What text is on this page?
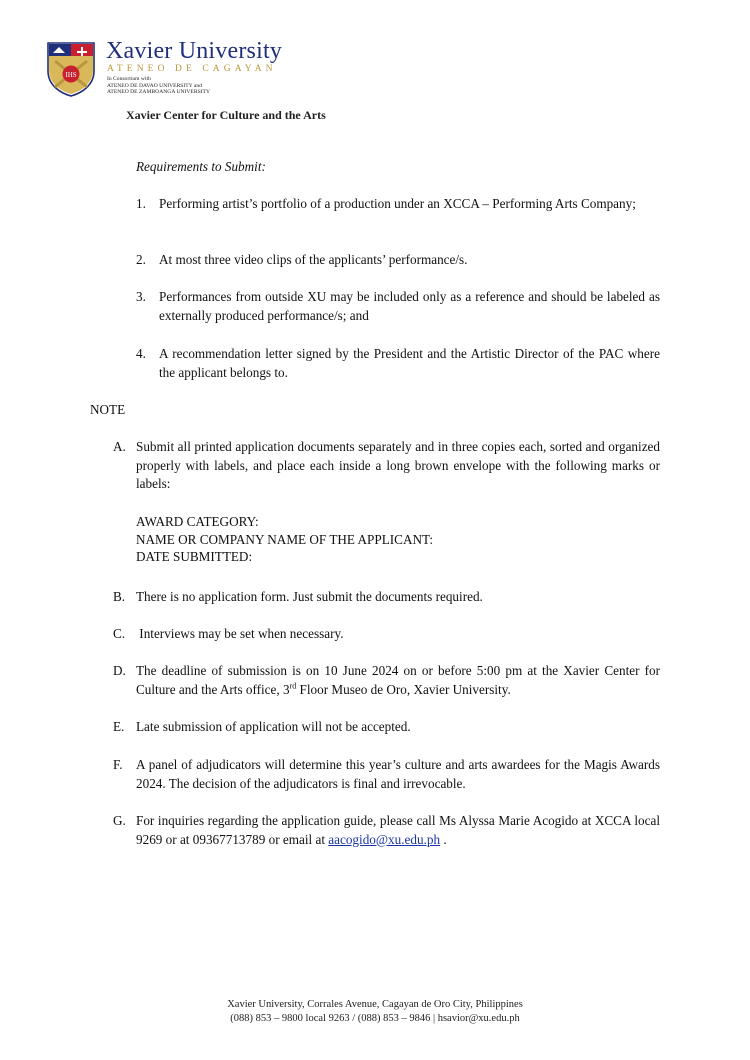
IHS
Xavier University
ATENEO DE CAGAYAN
In Consortium with
ATENEO DE DAVAO UNIVERSITY and
ATENEO DE ZAMBOANGA UNIVERSITY
Xavier Center for Culture and the Arts
Requirements to Submit:
1. Performing artist’s portfolio of a production under an XCCA – Performing Arts Company;
2. At most three video clips of the applicants’ performance/s.
3. Performances from outside XU may be included only as a reference and should be labeled as externally produced performance/s; and
4. A recommendation letter signed by the President and the Artistic Director of the PAC where the applicant belongs to.
NOTE
A. Submit all printed application documents separately and in three copies each, sorted and organized properly with labels, and place each inside a long brown envelope with the following marks or labels:
AWARD CATEGORY:
NAME OR COMPANY NAME OF THE APPLICANT:
DATE SUBMITTED:
B. There is no application form. Just submit the documents required.
C. Interviews may be set when necessary.
D. The deadline of submission is on 10 June 2024 on or before 5:00 pm at the Xavier Center for Culture and the Arts office, 3rd Floor Museo de Oro, Xavier University.
E. Late submission of application will not be accepted.
F. A panel of adjudicators will determine this year’s culture and arts awardees for the Magis Awards 2024. The decision of the adjudicators is final and irrevocable.
G. For inquiries regarding the application guide, please call Ms Alyssa Marie Acogido at XCCA local 9269 or at 09367713789 or email at aacogido@xu.edu.ph .
Xavier University, Corrales Avenue, Cagayan de Oro City, Philippines
(088) 853 – 9800 local 9263 / (088) 853 – 9846 | hsavior@xu.edu.ph
